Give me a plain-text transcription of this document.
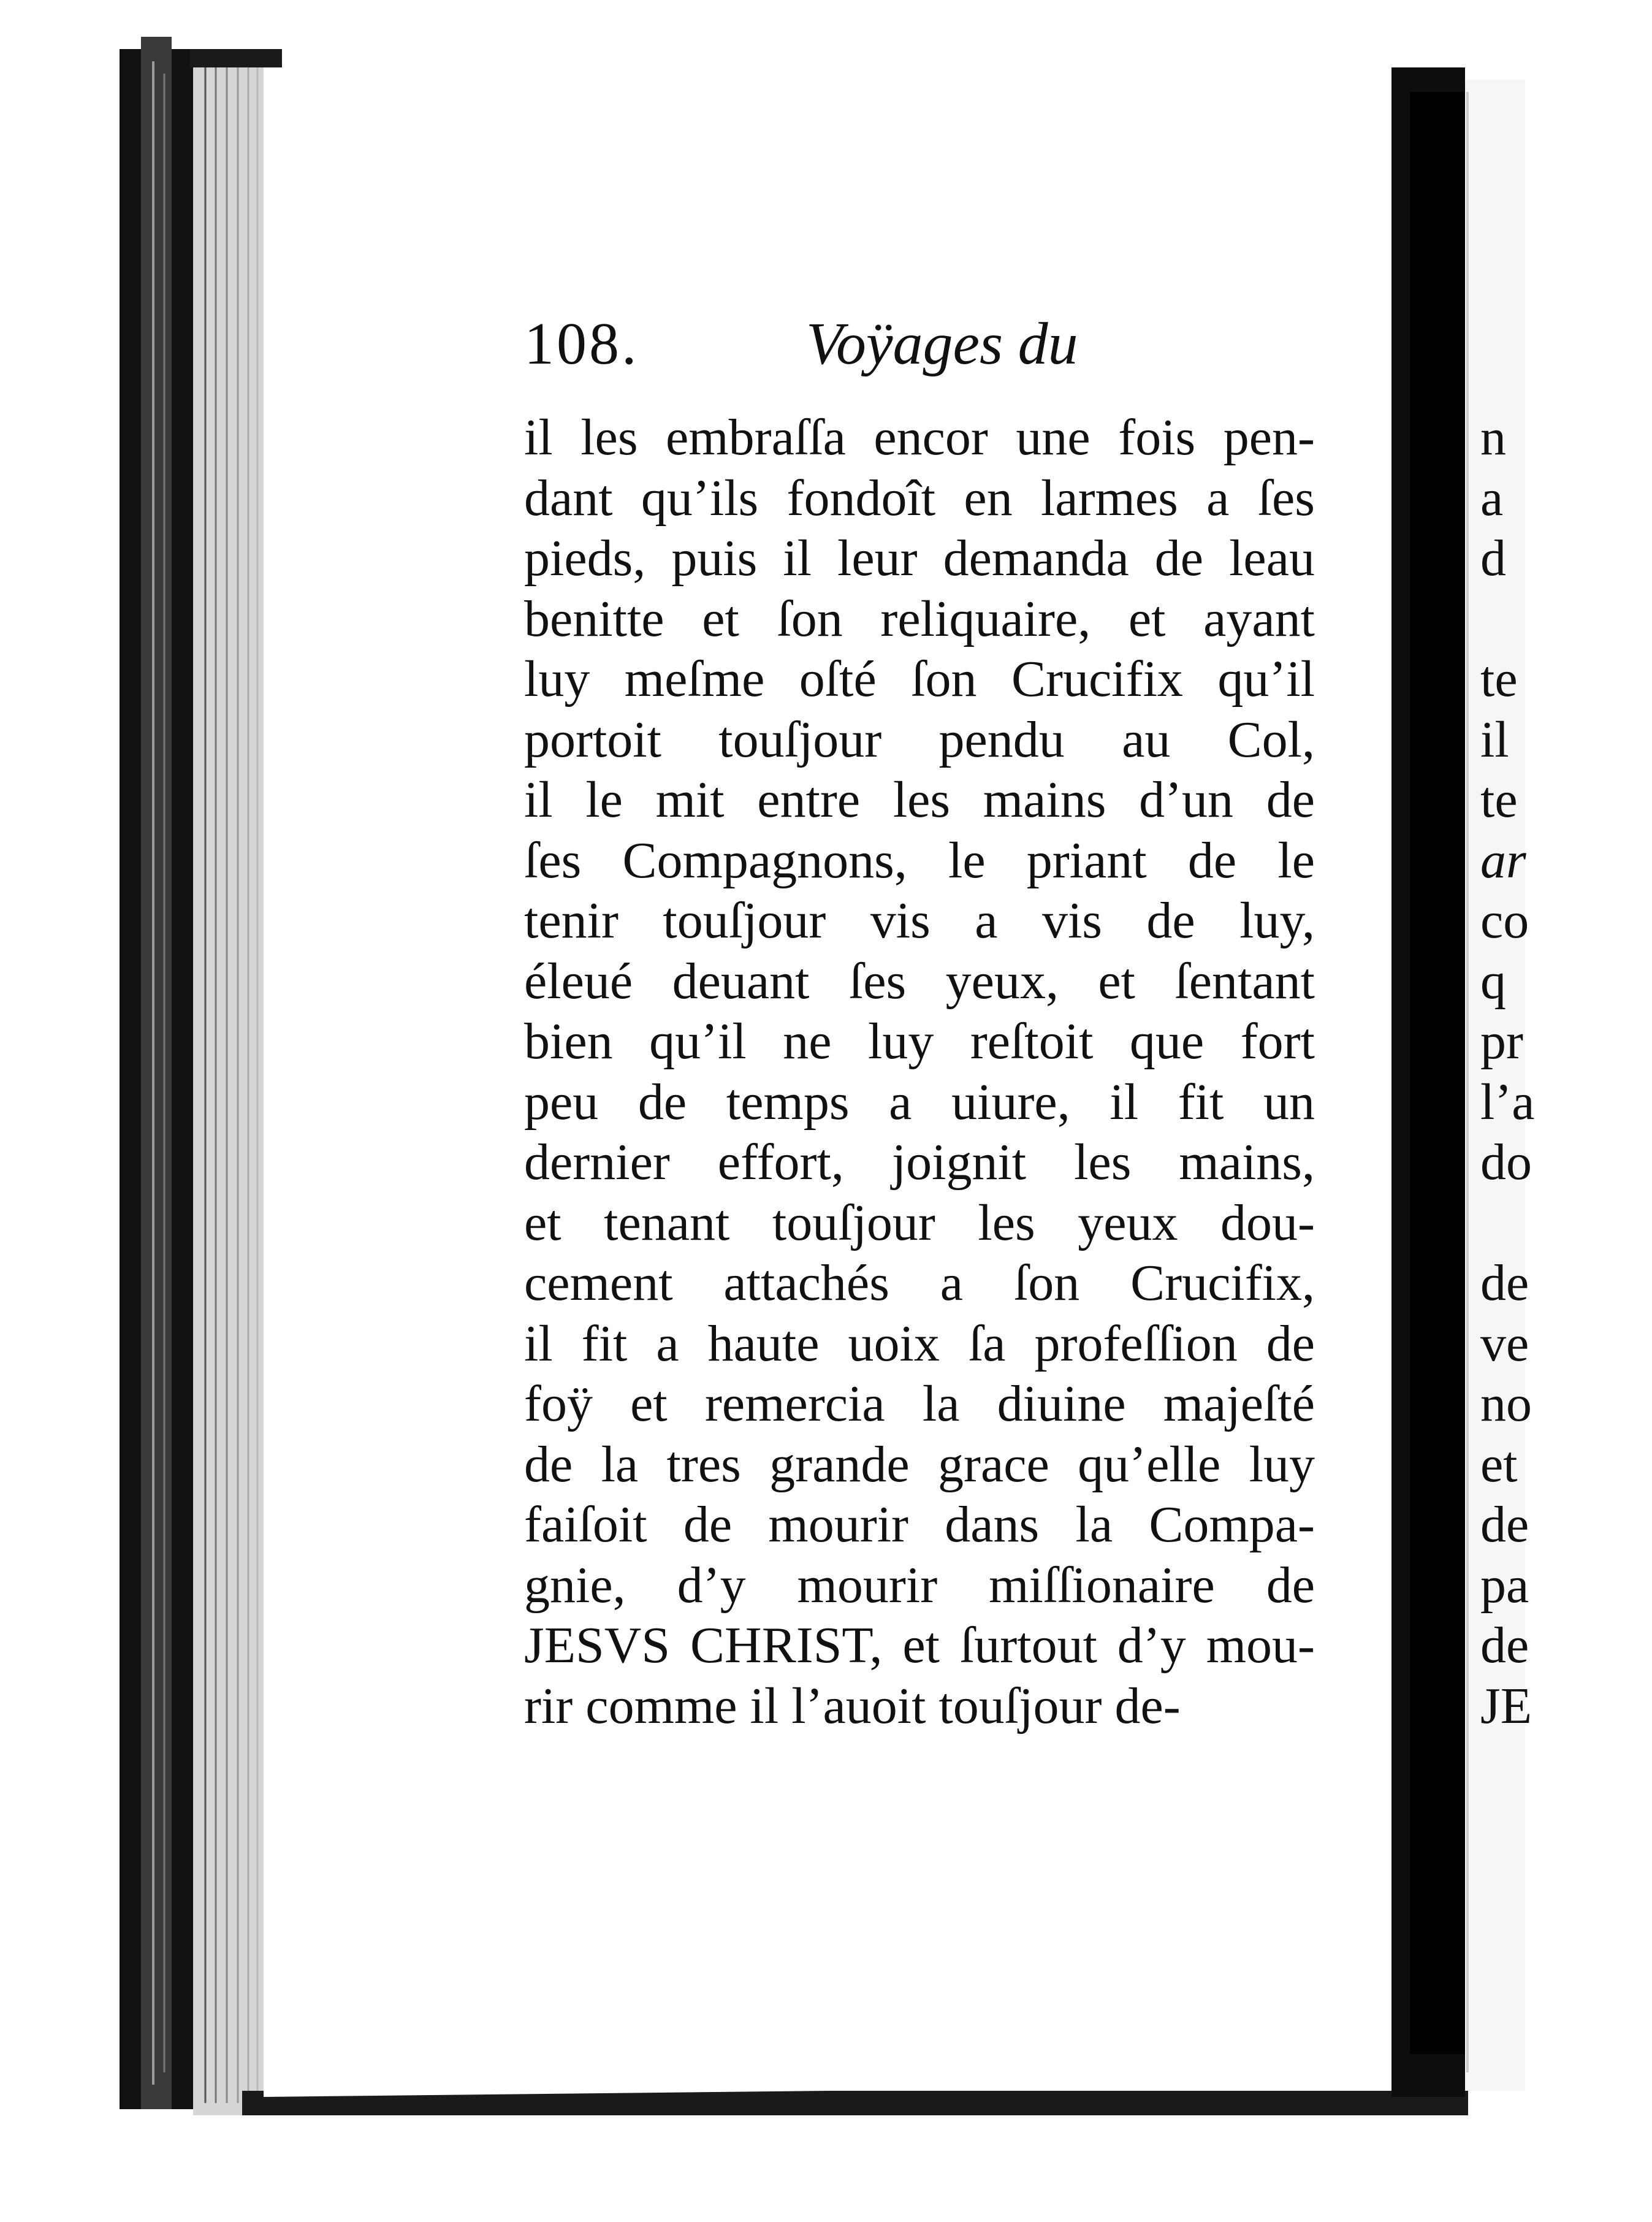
108.	Voÿages du
il les embraſſa encor une fois pen-
dant qu’ils fondoît en larmes a ſes
pieds, puis il leur demanda de leau
benitte et ſon reliquaire, et ayant
luy meſme oſté ſon Crucifix qu’il
portoit touſjour pendu au Col,
il le mit entre les mains d’un de
ſes Compagnons, le priant de le
tenir touſjour vis a vis de luy,
éleué deuant ſes yeux, et ſentant
bien qu’il ne luy reſtoit que fort
peu de temps a uiure, il fit un
dernier effort, joignit les mains,
et tenant touſjour les yeux dou-
cement attachés a ſon Crucifix,
il fit a haute uoix ſa profeſſion de
foÿ et remercia la diuine majeſté
de la tres grande grace qu’elle luy
faiſoit de mourir dans la Compa-
gnie, d’y mourir miſſionaire de
JESVS CHRIST, et ſurtout d’y mou-
rir comme il l’auoit touſjour de-
n
a
d
te
il
te
ar
co
q
pr
l’a
do
de
ve
no
et
de
pa
de
JE
